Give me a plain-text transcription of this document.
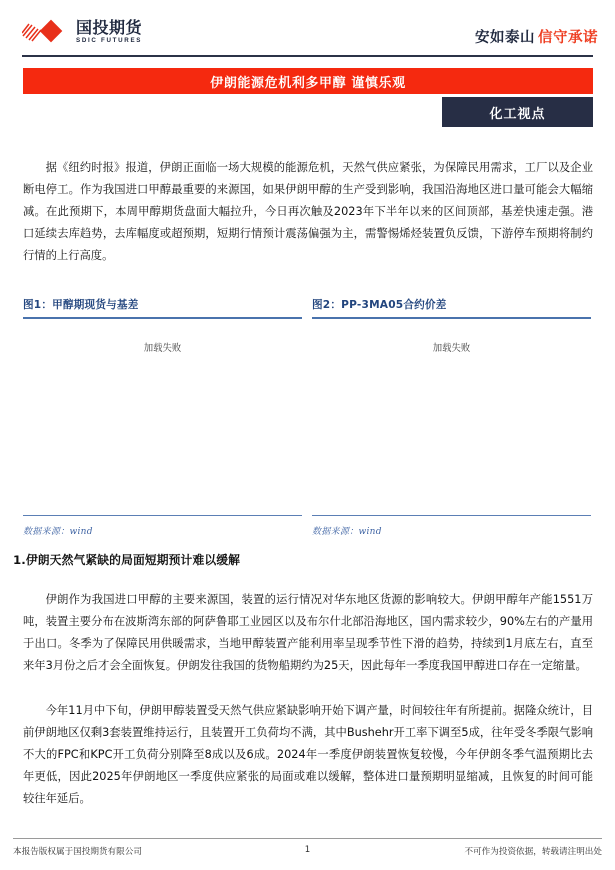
国投期货
SDIC FUTURES	安如泰山 信守承诺
伊朗能源危机利多甲醇 谨慎乐观
化工视点

据《纽约时报》报道，伊朗正面临一场大规模的能源危机，天然气供应紧张，为保障民用需求，工厂以及企业断电停工。作为我国进口甲醇最重要的来源国，如果伊朗甲醇的生产受到影响，我国沿海地区进口量可能会大幅缩减。在此预期下，本周甲醇期货盘面大幅拉升，今日再次触及2023年下半年以来的区间顶部，基差快速走强。港口延续去库趋势，去库幅度或超预期，短期行情预计震荡偏强为主，需警惕烯烃装置负反馈，下游停车预期将制约行情的上行高度。

图1：甲醇期现货与基差
加载失败
数据来源：wind
图2：PP-3MA05合约价差
加载失败
数据来源：wind
1.伊朗天然气紧缺的局面短期预计难以缓解

伊朗作为我国进口甲醇的主要来源国，装置的运行情况对华东地区货源的影响较大。伊朗甲醇年产能1551万吨，装置主要分布在波斯湾东部的阿萨鲁耶工业园区以及布尔什北部沿海地区，国内需求较少，90%左右的产量用于出口。冬季为了保障民用供暖需求，当地甲醇装置产能利用率呈现季节性下滑的趋势，持续到1月底左右，直至来年3月份之后才会全面恢复。伊朗发往我国的货物船期约为25天，因此每年一季度我国甲醇进口存在一定缩量。

今年11月中下旬，伊朗甲醇装置受天然气供应紧缺影响开始下调产量，时间较往年有所提前。据隆众统计，目前伊朗地区仅剩3套装置维持运行，且装置开工负荷均不满，其中Bushehr开工率下调至5成，往年受冬季限气影响不大的FPC和KPC开工负荷分别降至8成以及6成。2024年一季度伊朗装置恢复较慢，今年伊朗冬季气温预期比去年更低，因此2025年伊朗地区一季度供应紧张的局面或难以缓解，整体进口量预期明显缩减，且恢复的时间可能较往年延后。

本报告版权属于国投期货有限公司	1	不可作为投资依据，转载请注明出处
